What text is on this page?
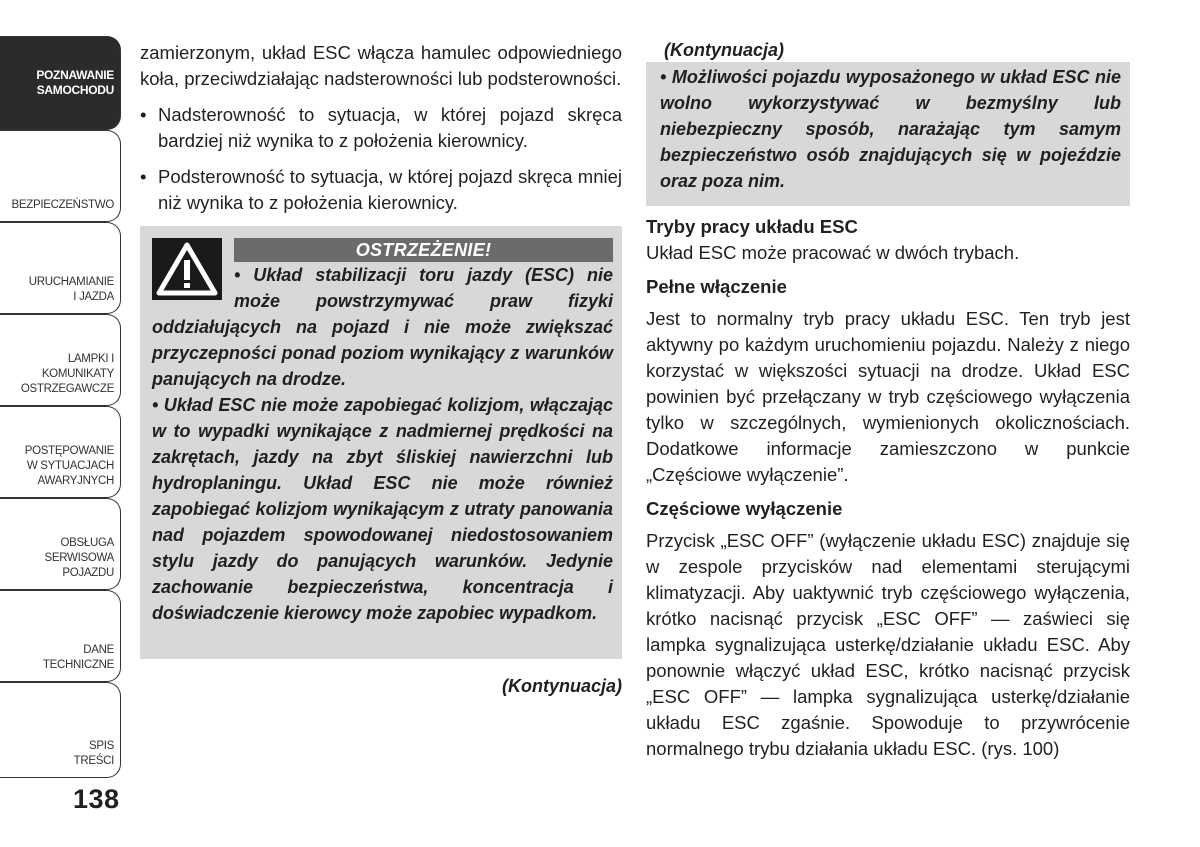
POZNAWANIE
SAMOCHODU
BEZPIECZEŃSTWO
URUCHAMIANIE
I JAZDA
LAMPKI I
KOMUNIKATY
OSTRZEGAWCZE
POSTĘPOWANIE
W SYTUACJACH
AWARYJNYCH
OBSŁUGA
SERWISOWA
POJAZDU
DANE
TECHNICZNE
SPIS
TREŚCI
138

zamierzonym, układ ESC włącza hamulec odpowiedniego koła, przeciwdziałając nadsterowności lub podsterowności.

• Nadsterowność to sytuacja, w której pojazd skręca bardziej niż wynika to z położenia kierownicy.

• Podsterowność to sytuacja, w której pojazd skręca mniej niż wynika to z położenia kierownicy.

OSTRZEŻENIE!

• Układ stabilizacji toru jazdy (ESC) nie może powstrzymywać praw fizyki oddziałujących na pojazd i nie może zwiększać przyczepności ponad poziom wynikający z warunków panujących na drodze.

• Układ ESC nie może zapobiegać kolizjom, włączając w to wypadki wynikające z nadmiernej prędkości na zakrętach, jazdy na zbyt śliskiej nawierzchni lub hydroplaningu. Układ ESC nie może również zapobiegać kolizjom wynikającym z utraty panowania nad pojazdem spowodowanej niedostosowaniem stylu jazdy do panujących warunków. Jedynie zachowanie bezpieczeństwa, koncentracja i doświadczenie kierowcy może zapobiec wypadkom.

(Kontynuacja)

(Kontynuacja)

• Możliwości pojazdu wyposażonego w układ ESC nie wolno wykorzystywać w bezmyślny lub niebezpieczny sposób, narażając tym samym bezpieczeństwo osób znajdujących się w pojeździe oraz poza nim.

Tryby pracy układu ESC

Układ ESC może pracować w dwóch trybach.

Pełne włączenie

Jest to normalny tryb pracy układu ESC. Ten tryb jest aktywny po każdym uruchomieniu pojazdu. Należy z niego korzystać w większości sytuacji na drodze. Układ ESC powinien być przełączany w tryb częściowego wyłączenia tylko w szczególnych, wymienionych okolicznościach. Dodatkowe informacje zamieszczono w punkcie „Częściowe wyłączenie”.

Częściowe wyłączenie

Przycisk „ESC OFF” (wyłączenie układu ESC) znajduje się w zespole przycisków nad elementami sterującymi klimatyzacji. Aby uaktywnić tryb częściowego wyłączenia, krótko nacisnąć przycisk „ESC OFF” — zaświeci się lampka sygnalizująca usterkę/działanie układu ESC. Aby ponownie włączyć układ ESC, krótko nacisnąć przycisk „ESC OFF” — lampka sygnalizująca usterkę/działanie układu ESC zgaśnie. Spowoduje to przywrócenie normalnego trybu działania układu ESC. (rys. 100)
